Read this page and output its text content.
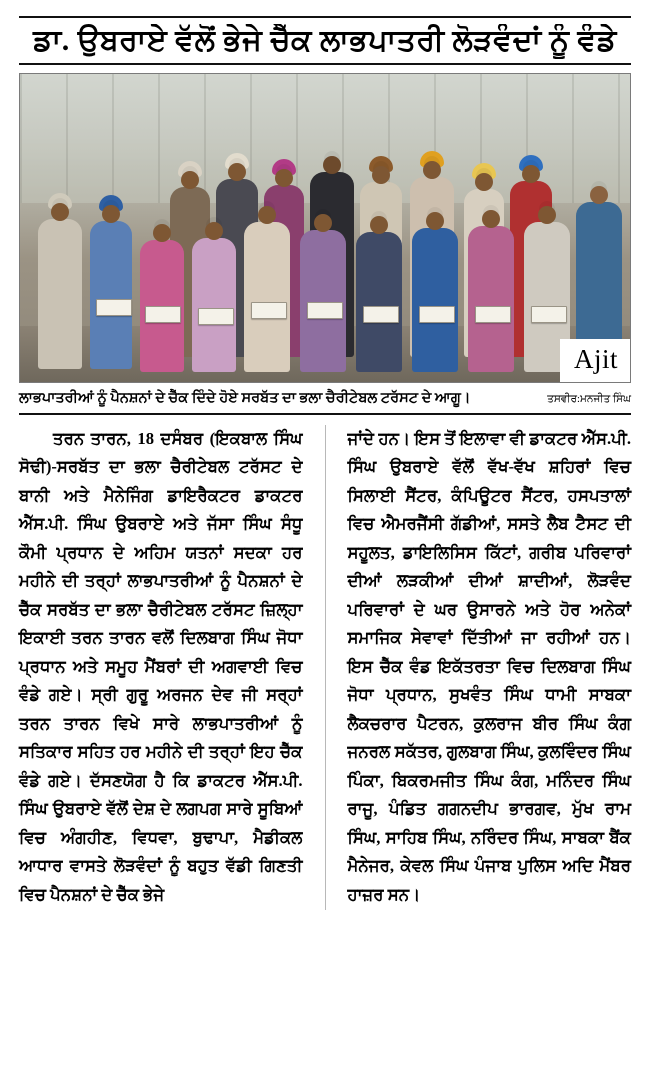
ਡਾ. ਉਬਰਾਏ ਵੱਲੋਂ ਭੇਜੇ ਚੈੱਕ ਲਾਭਪਾਤਰੀ ਲੋੜਵੰਦਾਂ ਨੂੰ ਵੰਡੇ
Ajit
ਲਾਭਪਾਤਰੀਆਂ ਨੂੰ ਪੈਨਸ਼ਨਾਂ ਦੇ ਚੈੱਕ ਦਿੰਦੇ ਹੋਏ ਸਰਬੱਤ ਦਾ ਭਲਾ ਚੈਰੀਟੇਬਲ ਟਰੱਸਟ ਦੇ ਆਗੂ।	ਤਸਵੀਰ:ਮਨਜੀਤ ਸਿੰਘ

ਤਰਨ ਤਾਰਨ, 18 ਦਸੰਬਰ (ਇਕਬਾਲ ਸਿੰਘ ਸੋਢੀ)-ਸਰਬੱਤ ਦਾ ਭਲਾ ਚੈਰੀਟੇਬਲ ਟਰੱਸਟ ਦੇ ਬਾਨੀ ਅਤੇ ਮੈਨੇਜਿੰਗ ਡਾਇਰੈਕਟਰ ਡਾਕਟਰ ਐੱਸ.ਪੀ. ਸਿੰਘ ਉਬਰਾਏ ਅਤੇ ਜੱਸਾ ਸਿੰਘ ਸੰਧੂ ਕੌਮੀ ਪ੍ਰਧਾਨ ਦੇ ਅਹਿਮ ਯਤਨਾਂ ਸਦਕਾ ਹਰ ਮਹੀਨੇ ਦੀ ਤਰ੍ਹਾਂ ਲਾਭਪਾਤਰੀਆਂ ਨੂੰ ਪੈਨਸ਼ਨਾਂ ਦੇ ਚੈੱਕ ਸਰਬੱਤ ਦਾ ਭਲਾ ਚੈਰੀਟੇਬਲ ਟਰੱਸਟ ਜ਼ਿਲ੍ਹਾ ਇਕਾਈ ਤਰਨ ਤਾਰਨ ਵਲੋਂ ਦਿਲਬਾਗ ਸਿੰਘ ਜੋਧਾ ਪ੍ਰਧਾਨ ਅਤੇ ਸਮੂਹ ਮੈਂਬਰਾਂ ਦੀ ਅਗਵਾਈ ਵਿਚ ਵੰਡੇ ਗਏ। ਸ੍ਰੀ ਗੁਰੂ ਅਰਜਨ ਦੇਵ ਜੀ ਸਰ੍ਹਾਂ ਤਰਨ ਤਾਰਨ ਵਿਖੇ ਸਾਰੇ ਲਾਭਪਾਤਰੀਆਂ ਨੂੰ ਸਤਿਕਾਰ ਸਹਿਤ ਹਰ ਮਹੀਨੇ ਦੀ ਤਰ੍ਹਾਂ ਇਹ ਚੈੱਕ ਵੰਡੇ ਗਏ। ਦੱਸਣਯੋਗ ਹੈ ਕਿ ਡਾਕਟਰ ਐੱਸ.ਪੀ. ਸਿੰਘ ਉਬਰਾਏ ਵੱਲੋਂ ਦੇਸ਼ ਦੇ ਲਗਪਗ ਸਾਰੇ ਸੂਬਿਆਂ ਵਿਚ ਅੰਗਹੀਣ, ਵਿਧਵਾ, ਬੁਢਾਪਾ, ਮੈਡੀਕਲ ਆਧਾਰ ਵਾਸਤੇ ਲੋੜਵੰਦਾਂ ਨੂੰ ਬਹੁਤ ਵੱਡੀ ਗਿਣਤੀ ਵਿਚ ਪੈਨਸ਼ਨਾਂ ਦੇ ਚੈੱਕ ਭੇਜੇ

ਜਾਂਦੇ ਹਨ। ਇਸ ਤੋਂ ਇਲਾਵਾ ਵੀ ਡਾਕਟਰ ਐੱਸ.ਪੀ. ਸਿੰਘ ਉਬਰਾਏ ਵੱਲੋਂ ਵੱਖ-ਵੱਖ ਸ਼ਹਿਰਾਂ ਵਿਚ ਸਿਲਾਈ ਸੈਂਟਰ, ਕੰਪਿਊਟਰ ਸੈਂਟਰ, ਹਸਪਤਾਲਾਂ ਵਿਚ ਐਮਰਜੈਂਸੀ ਗੱਡੀਆਂ, ਸਸਤੇ ਲੈਬ ਟੈਸਟ ਦੀ ਸਹੂਲਤ, ਡਾਇਲਿਸਿਸ ਕਿੱਟਾਂ, ਗਰੀਬ ਪਰਿਵਾਰਾਂ ਦੀਆਂ ਲੜਕੀਆਂ ਦੀਆਂ ਸ਼ਾਦੀਆਂ, ਲੋੜਵੰਦ ਪਰਿਵਾਰਾਂ ਦੇ ਘਰ ਉਸਾਰਨੇ ਅਤੇ ਹੋਰ ਅਨੇਕਾਂ ਸਮਾਜਿਕ ਸੇਵਾਵਾਂ ਦਿੱਤੀਆਂ ਜਾ ਰਹੀਆਂ ਹਨ। ਇਸ ਚੈੱਕ ਵੰਡ ਇਕੱਤਰਤਾ ਵਿਚ ਦਿਲਬਾਗ ਸਿੰਘ ਜੋਧਾ ਪ੍ਰਧਾਨ, ਸੁਖਵੰਤ ਸਿੰਘ ਧਾਮੀ ਸਾਬਕਾ ਲੈਕਚਰਾਰ ਪੈਟਰਨ, ਕੁਲਰਾਜ ਬੀਰ ਸਿੰਘ ਕੰਗ ਜਨਰਲ ਸਕੱਤਰ, ਗੁਲਬਾਗ ਸਿੰਘ, ਕੁਲਵਿੰਦਰ ਸਿੰਘ ਪਿੰਕਾ, ਬਿਕਰਮਜੀਤ ਸਿੰਘ ਕੰਗ, ਮਨਿੰਦਰ ਸਿੰਘ ਰਾਜੂ, ਪੰਡਿਤ ਗਗਨਦੀਪ ਭਾਰਗਵ, ਮੁੱਖ ਰਾਮ ਸਿੰਘ, ਸਾਹਿਬ ਸਿੰਘ, ਨਰਿੰਦਰ ਸਿੰਘ, ਸਾਬਕਾ ਬੈਂਕ ਮੈਨੇਜਰ, ਕੇਵਲ ਸਿੰਘ ਪੰਜਾਬ ਪੁਲਿਸ ਅਦਿ ਮੈਂਬਰ ਹਾਜ਼ਰ ਸਨ।
